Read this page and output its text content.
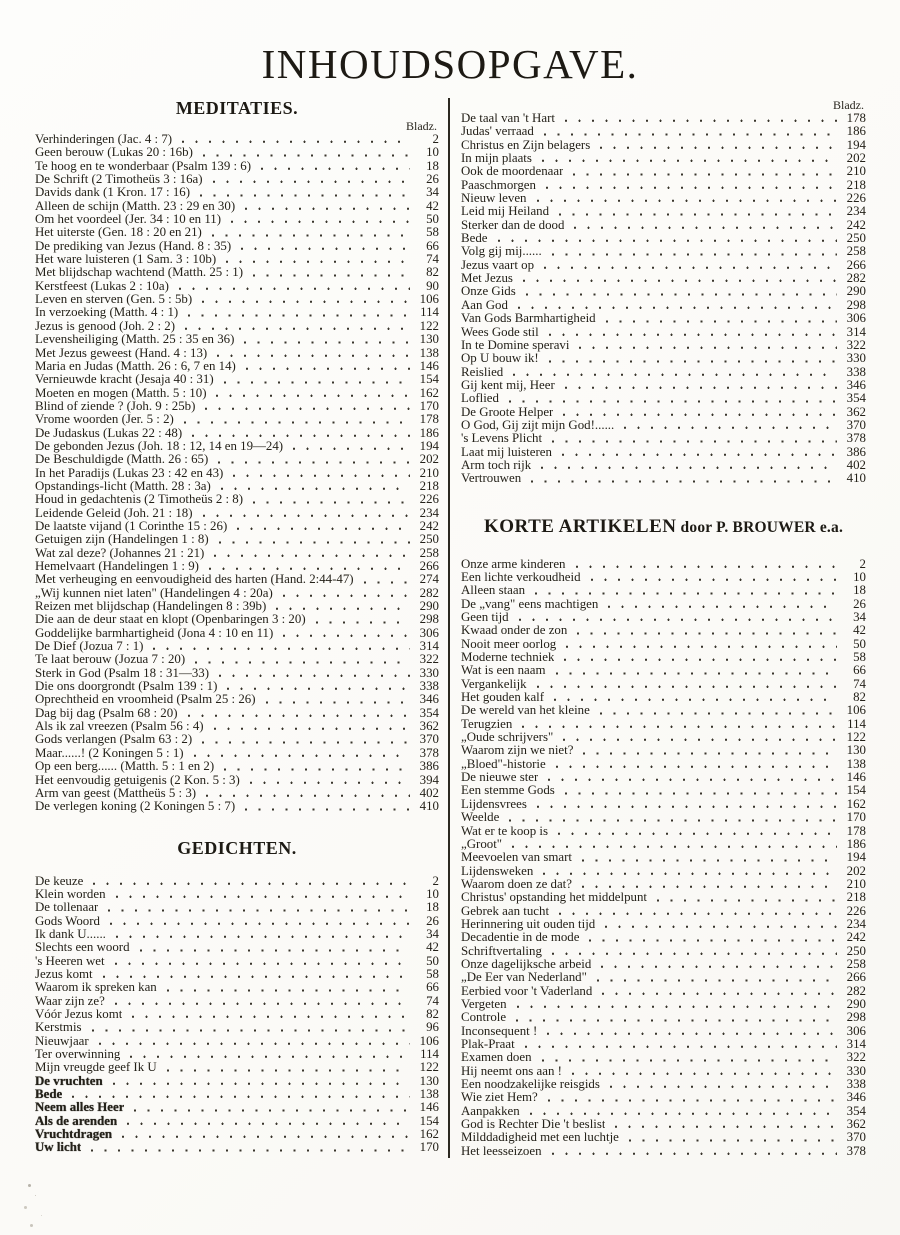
INHOUDSOPGAVE.
MEDITATIES.
Bladz.
Verhinderingen (Jac. 4 : 7)	2
Geen berouw (Lukas 20 : 16b)	10
Te hoog en te wonderbaar (Psalm 139 : 6)	18
De Schrift (2 Timotheüs 3 : 16a)	26
Davids dank (1 Kron. 17 : 16)	34
Alleen de schijn (Matth. 23 : 29 en 30)	42
Om het voordeel (Jer. 34 : 10 en 11)	50
Het uiterste (Gen. 18 : 20 en 21)	58
De prediking van Jezus (Hand. 8 : 35)	66
Het ware luisteren (1 Sam. 3 : 10b)	74
Met blijdschap wachtend (Matth. 25 : 1)	82
Kerstfeest (Lukas 2 : 10a)	90
Leven en sterven (Gen. 5 : 5b)	106
In verzoeking (Matth. 4 : 1)	114
Jezus is genood (Joh. 2 : 2)	122
Levensheiliging (Matth. 25 : 35 en 36)	130
Met Jezus geweest (Hand. 4 : 13)	138
Maria en Judas (Matth. 26 : 6, 7 en 14)	146
Vernieuwde kracht (Jesaja 40 : 31)	154
Moeten en mogen (Matth. 5 : 10)	162
Blind of ziende ? (Joh. 9 : 25b)	170
Vrome woorden (Jer. 5 : 2)	178
De Judaskus (Lukas 22 : 48)	186
De gebonden Jezus (Joh. 18 : 12, 14 en 19—24)	194
De Beschuldigde (Matth. 26 : 65)	202
In het Paradijs (Lukas 23 : 42 en 43)	210
Opstandings-licht (Matth. 28 : 3a)	218
Houd in gedachtenis (2 Timotheüs 2 : 8)	226
Leidende Geleid (Joh. 21 : 18)	234
De laatste vijand (1 Corinthe 15 : 26)	242
Getuigen zijn (Handelingen 1 : 8)	250
Wat zal deze? (Johannes 21 : 21)	258
Hemelvaart (Handelingen 1 : 9)	266
Met verheuging en eenvoudigheid des harten (Hand. 2:44-47)	274
„Wij kunnen niet laten" (Handelingen 4 : 20a)	282
Reizen met blijdschap (Handelingen 8 : 39b)	290
Die aan de deur staat en klopt (Openbaringen 3 : 20)	298
Goddelijke barmhartigheid (Jona 4 : 10 en 11)	306
De Dief (Jozua 7 : 1)	314
Te laat berouw (Jozua 7 : 20)	322
Sterk in God (Psalm 18 : 31—33)	330
Die ons doorgrondt (Psalm 139 : 1)	338
Oprechtheid en vroomheid (Psalm 25 : 26)	346
Dag bij dag (Psalm 68 : 20)	354
Als ik zal vreezen (Psalm 56 : 4)	362
Gods verlangen (Psalm 63 : 2)	370
Maar......! (2 Koningen 5 : 1)	378
Op een berg...... (Matth. 5 : 1 en 2)	386
Het eenvoudig getuigenis (2 Kon. 5 : 3)	394
Arm van geest (Mattheüs 5 : 3)	402
De verlegen koning (2 Koningen 5 : 7)	410
GEDICHTEN.
De keuze	2
Klein worden	10
De tollenaar	18
Gods Woord	26
Ik dank U......	34
Slechts een woord	42
's Heeren wet	50
Jezus komt	58
Waarom ik spreken kan	66
Waar zijn ze?	74
Vóór Jezus komt	82
Kerstmis	96
Nieuwjaar	106
Ter overwinning	114
Mijn vreugde geef Ik U	122
De vruchten	130
Bede	138
Neem alles Heer	146
Als de arenden	154
Vruchtdragen	162
Uw licht	170
Bladz.
De taal van 't Hart	178
Judas' verraad	186
Christus en Zijn belagers	194
In mijn plaats	202
Ook de moordenaar	210
Paaschmorgen	218
Nieuw leven	226
Leid mij Heiland	234
Sterker dan de dood	242
Bede	250
Volg gij mij......	258
Jezus vaart op	266
Met Jezus	282
Onze Gids	290
Aan God	298
Van Gods Barmhartigheid	306
Wees Gode stil	314
In te Domine speravi	322
Op U bouw ik!	330
Reislied	338
Gij kent mij, Heer	346
Loflied	354
De Groote Helper	362
O God, Gij zijt mijn God!......	370
's Levens Plicht	378
Laat mij luisteren	386
Arm toch rijk	402
Vertrouwen	410
KORTE ARTIKELEN door P. BROUWER e.a.
Onze arme kinderen	2
Een lichte verkoudheid	10
Alleen staan	18
De „vang" eens machtigen	26
Geen tijd	34
Kwaad onder de zon	42
Nooit meer oorlog	50
Moderne techniek	58
Wat is een naam	66
Vergankelijk	74
Het gouden kalf	82
De wereld van het kleine	106
Terugzien	114
„Oude schrijvers"	122
Waarom zijn we niet?	130
„Bloed"-historie	138
De nieuwe ster	146
Een stemme Gods	154
Lijdensvrees	162
Weelde	170
Wat er te koop is	178
„Groot"	186
Meevoelen van smart	194
Lijdensweken	202
Waarom doen ze dat?	210
Christus' opstanding het middelpunt	218
Gebrek aan tucht	226
Herinnering uit ouden tijd	234
Decadentie in de mode	242
Schriftvertaling	250
Onze dagelijksche arbeid	258
„De Eer van Nederland"	266
Eerbied voor 't Vaderland	282
Vergeten	290
Controle	298
Inconsequent !	306
Plak-Praat	314
Examen doen	322
Hij neemt ons aan !	330
Een noodzakelijke reisgids	338
Wie ziet Hem?	346
Aanpakken	354
God is Rechter Die 't beslist	362
Milddadigheid met een luchtje	370
Het leesseizoen	378
